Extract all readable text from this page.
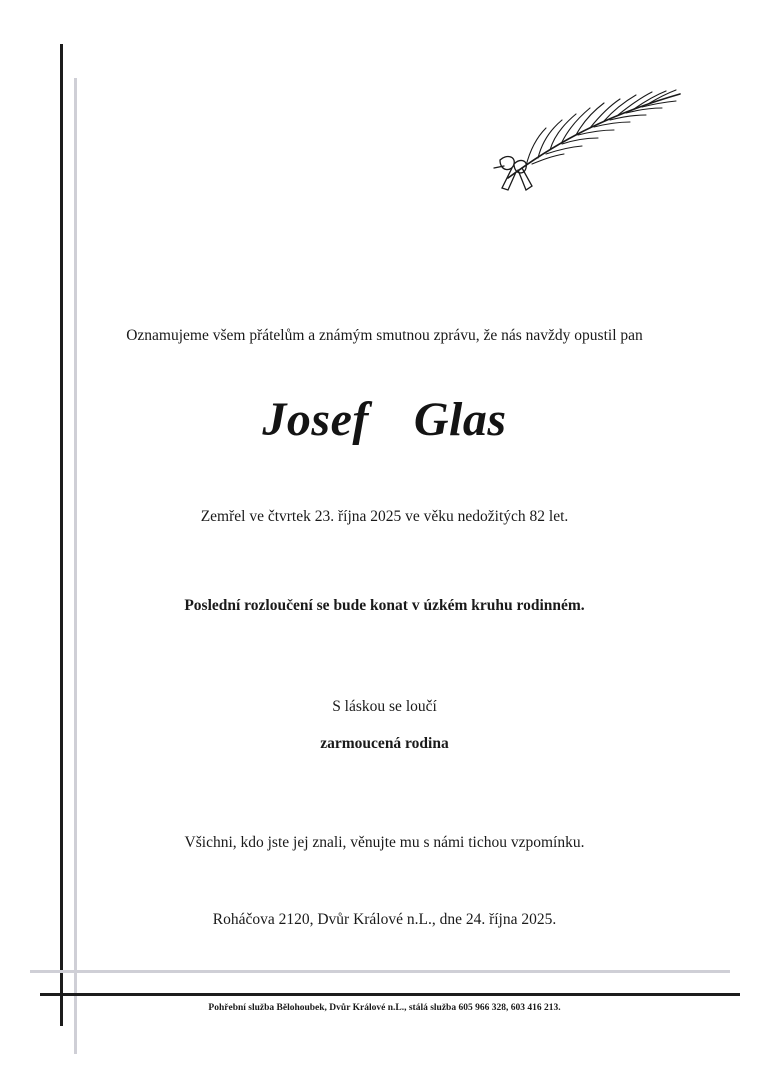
Oznamujeme všem přátelům a známým smutnou zprávu, že nás navždy opustil pan
Josef  Glas
Zemřel ve čtvrtek 23. října 2025 ve věku nedožitých 82 let.
Poslední rozloučení se bude konat v úzkém kruhu rodinném.
S láskou se loučí
zarmoucená rodina
Všichni, kdo jste jej znali, věnujte mu s námi tichou vzpomínku.
Roháčova 2120, Dvůr Králové n.L., dne 24. října 2025.
Pohřební služba Bělohoubek, Dvůr Králové n.L., stálá služba 605 966 328, 603 416 213.
